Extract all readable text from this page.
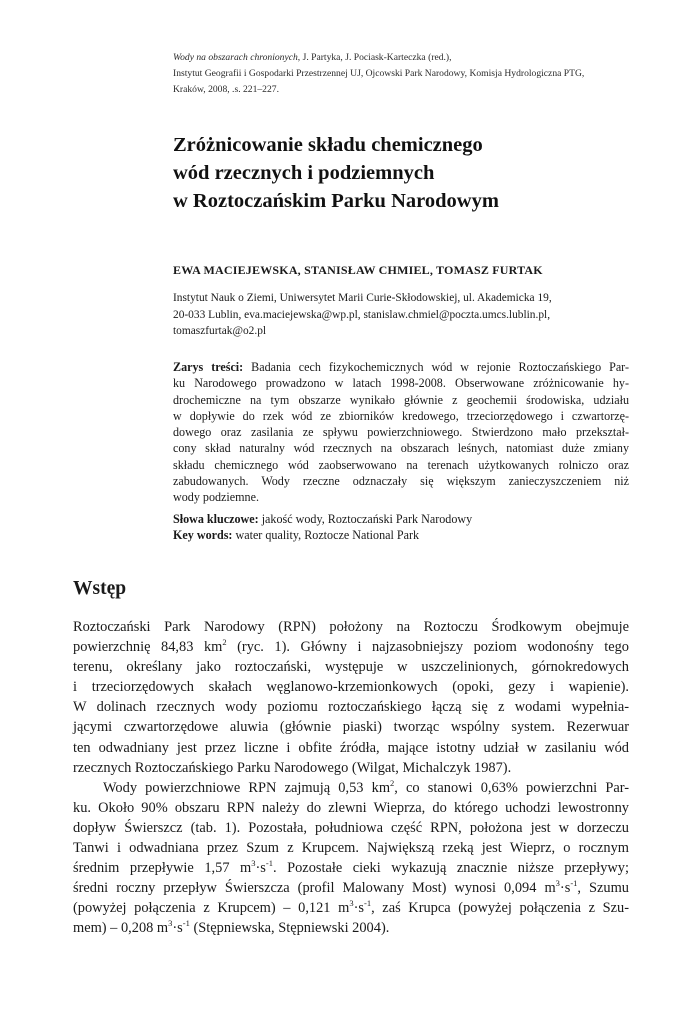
Wody na obszarach chronionych, J. Partyka, J. Pociask-Karteczka (red.),
Instytut Geografii i Gospodarki Przestrzennej UJ, Ojcowski Park Narodowy, Komisja Hydrologiczna PTG,
Kraków, 2008, .s. 221–227.
Zróżnicowanie składu chemicznego
wód rzecznych i podziemnych
w Roztoczańskim Parku Narodowym
EWA MACIEJEWSKA, STANISŁAW CHMIEL, TOMASZ FURTAK
Instytut Nauk o Ziemi, Uniwersytet Marii Curie-Skłodowskiej, ul. Akademicka 19,
20-033 Lublin, eva.maciejewska@wp.pl, stanislaw.chmiel@poczta.umcs.lublin.pl,
tomaszfurtak@o2.pl
Zarys treści: Badania cech fizykochemicznych wód w rejonie Roztoczańskiego Par-
ku Narodowego prowadzono w latach 1998-2008. Obserwowane zróżnicowanie hy-
drochemiczne na tym obszarze wynikało głównie z geochemii środowiska, udziału
w dopływie do rzek wód ze zbiorników kredowego, trzeciorzędowego i czwartorzę-
dowego oraz zasilania ze spływu powierzchniowego. Stwierdzono mało przekształ-
cony skład naturalny wód rzecznych na obszarach leśnych, natomiast duże zmiany
składu chemicznego wód zaobserwowano na terenach użytkowanych rolniczo oraz
zabudowanych. Wody rzeczne odznaczały się większym zanieczyszczeniem niż
wody podziemne.
Słowa kluczowe: jakość wody, Roztoczański Park Narodowy
Key words: water quality, Roztocze National Park
Wstęp
Roztoczański Park Narodowy (RPN) położony na Roztoczu Środkowym obejmuje
powierzchnię 84,83 $km^2$ (ryc. 1). Główny i najzasobniejszy poziom wodonośny tego
terenu, określany jako roztoczański, występuje w uszczelinionych, górnokredowych
i trzeciorzędowych skałach węglanowo-krzemionkowych (opoki, gezy i wapienie).
W dolinach rzecznych wody poziomu roztoczańskiego łączą się z wodami wypełnia-
jącymi czwartorzędowe aluwia (głównie piaski) tworząc wspólny system. Rezerwuar
ten odwadniany jest przez liczne i obfite źródła, mające istotny udział w zasilaniu wód
rzecznych Roztoczańskiego Parku Narodowego (Wilgat, Michalczyk 1987).
Wody powierzchniowe RPN zajmują 0,53 $km^2$, co stanowi 0,63% powierzchni Par-
ku. Około 90% obszaru RPN należy do zlewni Wieprza, do którego uchodzi lewostronny
dopływ Świerszcz (tab. 1). Pozostała, południowa część RPN, położona jest w dorzeczu
Tanwi i odwadniana przez Szum z Krupcem. Największą rzeką jest Wieprz, o rocznym
średnim przepływie 1,57 $m^3\cdot s^{-1}$. Pozostałe cieki wykazują znacznie niższe przepływy;
średni roczny przepływ Świerszcza (profil Malowany Most) wynosi 0,094 $m^3\cdot s^{-1}$, Szumu
(powyżej połączenia z Krupcem) – 0,121 $m^3\cdot s^{-1}$, zaś Krupca (powyżej połączenia z Szu-
mem) – 0,208 $m^3\cdot s^{-1}$ (Stępniewska, Stępniewski 2004).
